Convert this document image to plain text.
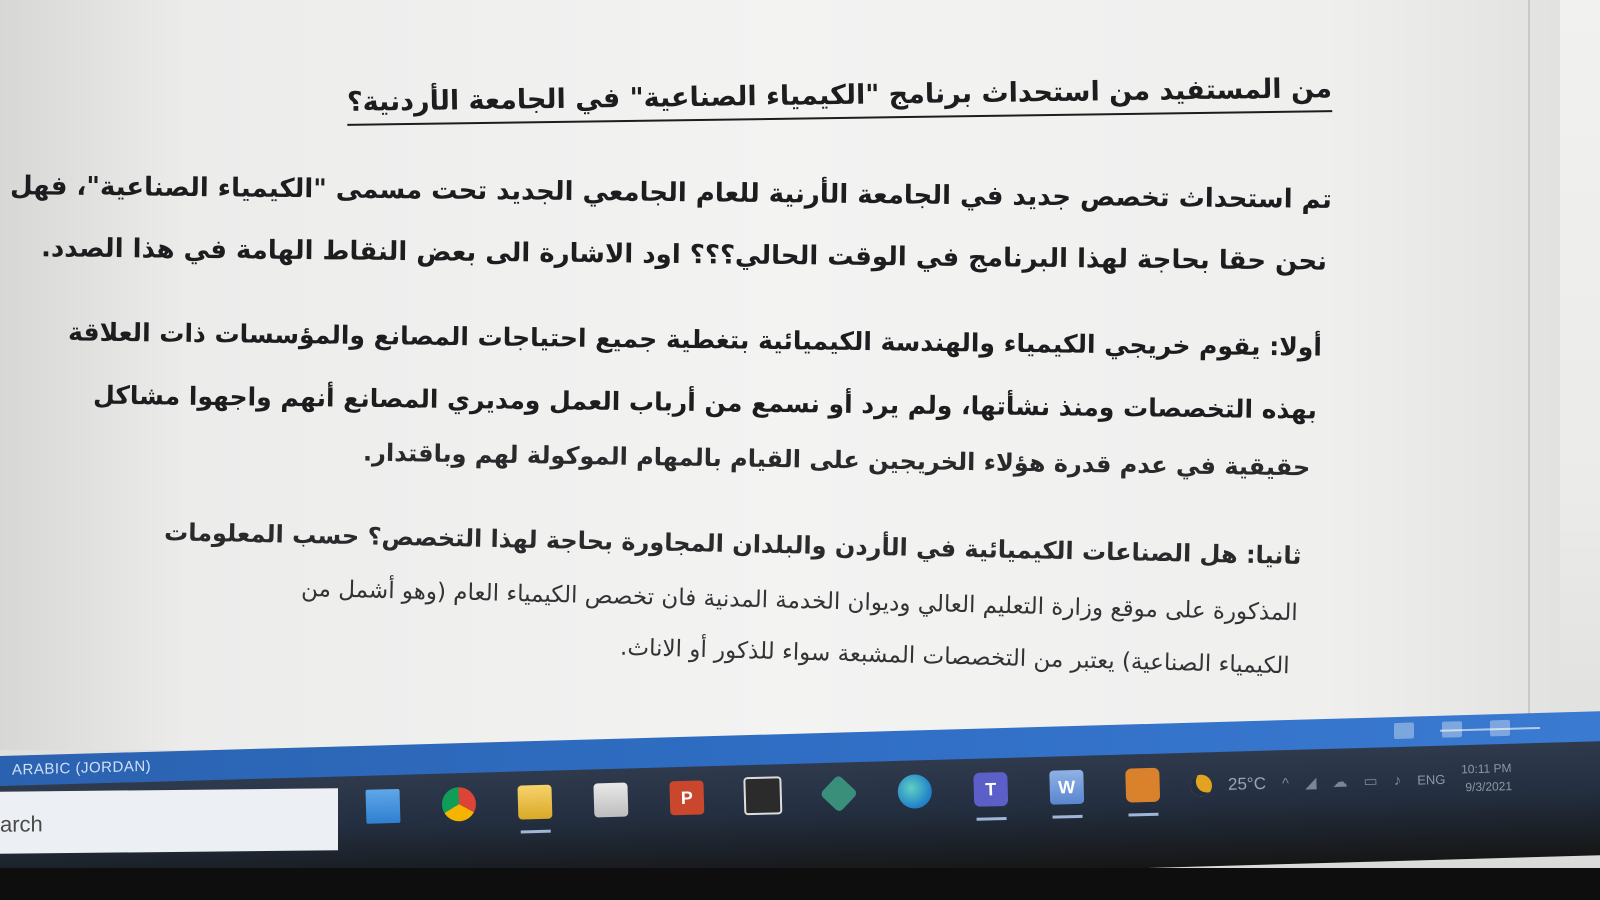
من المستفيد من استحداث برنامج "الكيمياء الصناعية" في الجامعة الأردنية؟
تم استحداث تخصص جديد في الجامعة الأرنية للعام الجامعي الجديد تحت مسمى "الكيمياء الصناعية"، فهل
نحن حقا بحاجة لهذا البرنامج في الوقت الحالي؟؟؟ اود الاشارة الى بعض النقاط الهامة في هذا الصدد.
أولا: يقوم خريجي الكيمياء والهندسة الكيميائية بتغطية جميع احتياجات المصانع والمؤسسات ذات العلاقة
بهذه التخصصات ومنذ نشأتها، ولم يرد أو نسمع من أرباب العمل ومديري المصانع أنهم واجهوا مشاكل
حقيقية في عدم قدرة هؤلاء الخريجين على القيام بالمهام الموكولة لهم وباقتدار.
ثانيا: هل الصناعات الكيميائية في الأردن والبلدان المجاورة بحاجة لهذا التخصص؟ حسب المعلومات
المذكورة على موقع وزارة التعليم العالي وديوان الخدمة المدنية فان تخصص الكيمياء العام (وهو أشمل من
الكيمياء الصناعية) يعتبر من التخصصات المشبعة سواء للذكور أو الاناث.
ARABIC (JORDAN)
arch
P	T	W	25°C ^ ◢ ☁ ▭ ♪ ENG
10:11 PM
9/3/2021
